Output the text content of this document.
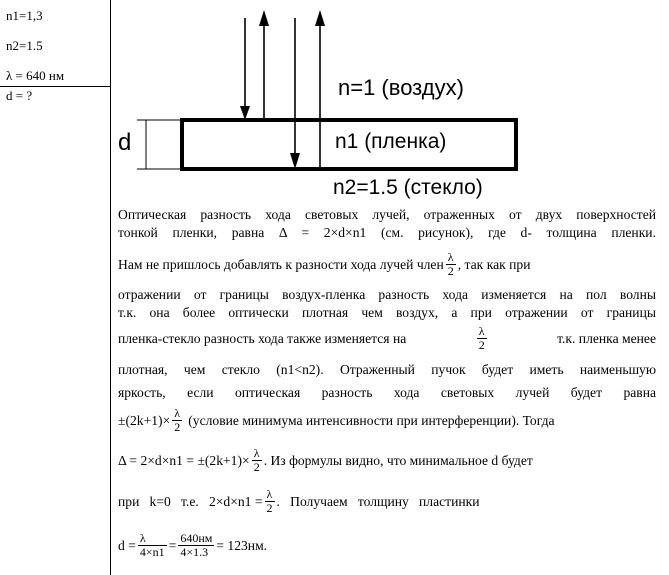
n1=1,3
n2=1.5
λ = 640 нм
d = ?
d
n=1 (воздух)
n1 (пленка)
n2=1.5 (стекло)
Оптическая разность хода световых лучей, отраженных от двух поверхностей
тонкой пленки, равна Δ = 2×d×n1 (см. рисунок), где d- толщина пленки.
Нам не пришлось добавлять к разности хода лучей член $\frac{\lambda}{2}$ , так как при
отражении от границы воздух-пленка разность хода изменяется на пол волны
т.к. она более оптически плотная чем воздух, а при отражении от границы
пленка-стекло разность хода также изменяется на	$\frac{\lambda}{2}$	т.к. пленка менее
плотная, чем стекло (n1<n2). Отраженный пучок будет иметь наименьшую
яркость, если оптическая разность хода световых лучей будет равна
$\pm(2k+1)\times \frac{\lambda}{2}$ (условие минимума интенсивности при интерференции). Тогда
$\Delta = 2\times d\times n1 = \pm(2k+1)\times \frac{\lambda}{2}$ . Из формулы видно, что минимальное d будет
при   k=0   т.е.   $2\times d\times n1 = \frac{\lambda}{2}$ .   Получаем   толщину   пластинки
$d = \frac{\lambda}{4\times n1} = \frac{640нм}{4\times 1.3} = 123нм$.
